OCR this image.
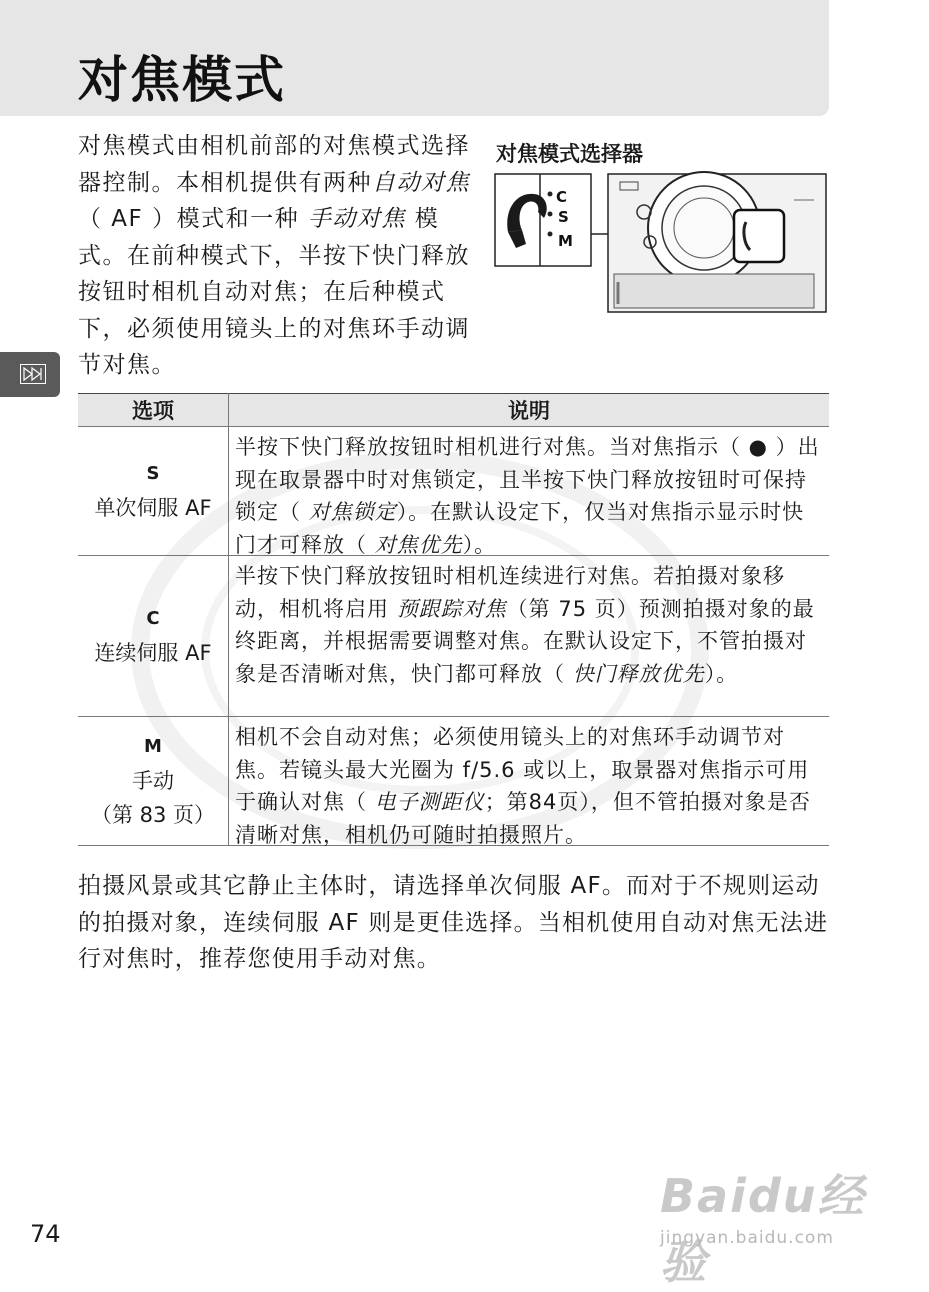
对焦模式

对焦模式由相机前部的对焦模式选择器控制。本相机提供有两种自动对焦（ AF ）模式和一种 手动对焦 模式。在前种模式下，半按下快门释放按钮时相机自动对焦；在后种模式下，必须使用镜头上的对焦环手动调节对焦。

对焦模式选择器
C
S
M
选项	说明

S
单次伺服 AF	半按下快门释放按钮时相机进行对焦。当对焦指示（ ● ）出现在取景器中时对焦锁定，且半按下快门释放按钮时可保持锁定（ 对焦锁定）。在默认设定下，仅当对焦指示显示时快门才可释放（ 对焦优先）。

C
连续伺服 AF	半按下快门释放按钮时相机连续进行对焦。若拍摄对象移动，相机将启用 预跟踪对焦（第 75 页）预测拍摄对象的最终距离，并根据需要调整对焦。在默认设定下，不管拍摄对象是否清晰对焦，快门都可释放（ 快门释放优先）。

M
手动
（第 83 页）	相机不会自动对焦；必须使用镜头上的对焦环手动调节对焦。若镜头最大光圈为 f/5.6 或以上，取景器对焦指示可用于确认对焦（ 电子测距仪；第84页），但不管拍摄对象是否清晰对焦，相机仍可随时拍摄照片。

拍摄风景或其它静止主体时，请选择单次伺服 AF。而对于不规则运动的拍摄对象，连续伺服 AF 则是更佳选择。当相机使用自动对焦无法进行对焦时，推荐您使用手动对焦。

74
Baidu经验
jingyan.baidu.com
